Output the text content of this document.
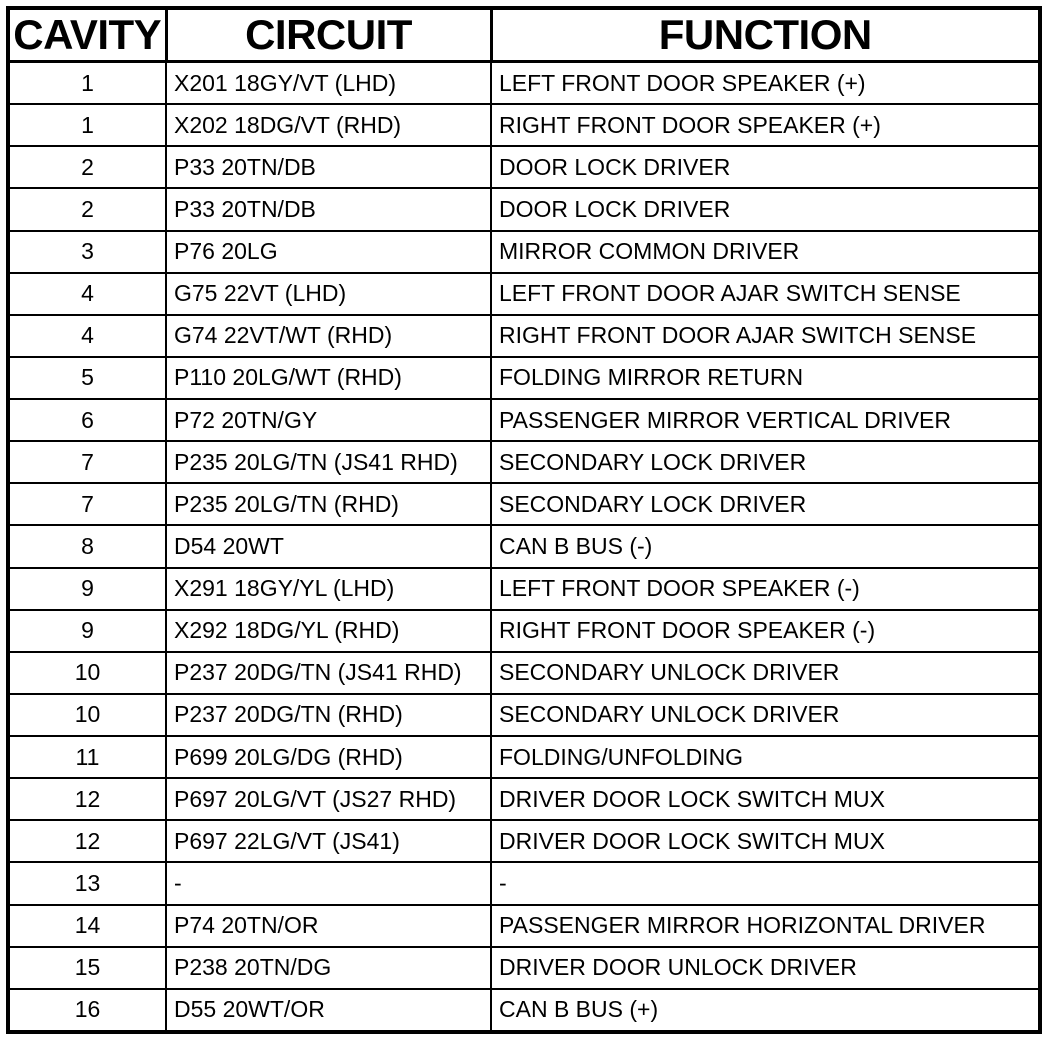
CAVITY	CIRCUIT	FUNCTION
1	X201 18GY/VT (LHD)	LEFT FRONT DOOR SPEAKER (+)
1	X202 18DG/VT (RHD)	RIGHT FRONT DOOR SPEAKER (+)
2	P33 20TN/DB	DOOR LOCK DRIVER
2	P33 20TN/DB	DOOR LOCK DRIVER
3	P76 20LG	MIRROR COMMON DRIVER
4	G75 22VT (LHD)	LEFT FRONT DOOR AJAR SWITCH SENSE
4	G74 22VT/WT (RHD)	RIGHT FRONT DOOR AJAR SWITCH SENSE
5	P110 20LG/WT (RHD)	FOLDING MIRROR RETURN
6	P72 20TN/GY	PASSENGER MIRROR VERTICAL DRIVER
7	P235 20LG/TN (JS41 RHD)	SECONDARY LOCK DRIVER
7	P235 20LG/TN (RHD)	SECONDARY LOCK DRIVER
8	D54 20WT	CAN B BUS (-)
9	X291 18GY/YL (LHD)	LEFT FRONT DOOR SPEAKER (-)
9	X292 18DG/YL (RHD)	RIGHT FRONT DOOR SPEAKER (-)
10	P237 20DG/TN (JS41 RHD)	SECONDARY UNLOCK DRIVER
10	P237 20DG/TN (RHD)	SECONDARY UNLOCK DRIVER
11	P699 20LG/DG (RHD)	FOLDING/UNFOLDING
12	P697 20LG/VT (JS27 RHD)	DRIVER DOOR LOCK SWITCH MUX
12	P697 22LG/VT (JS41)	DRIVER DOOR LOCK SWITCH MUX
13	-	-
14	P74 20TN/OR	PASSENGER MIRROR HORIZONTAL DRIVER
15	P238 20TN/DG	DRIVER DOOR UNLOCK DRIVER
16	D55 20WT/OR	CAN B BUS (+)
